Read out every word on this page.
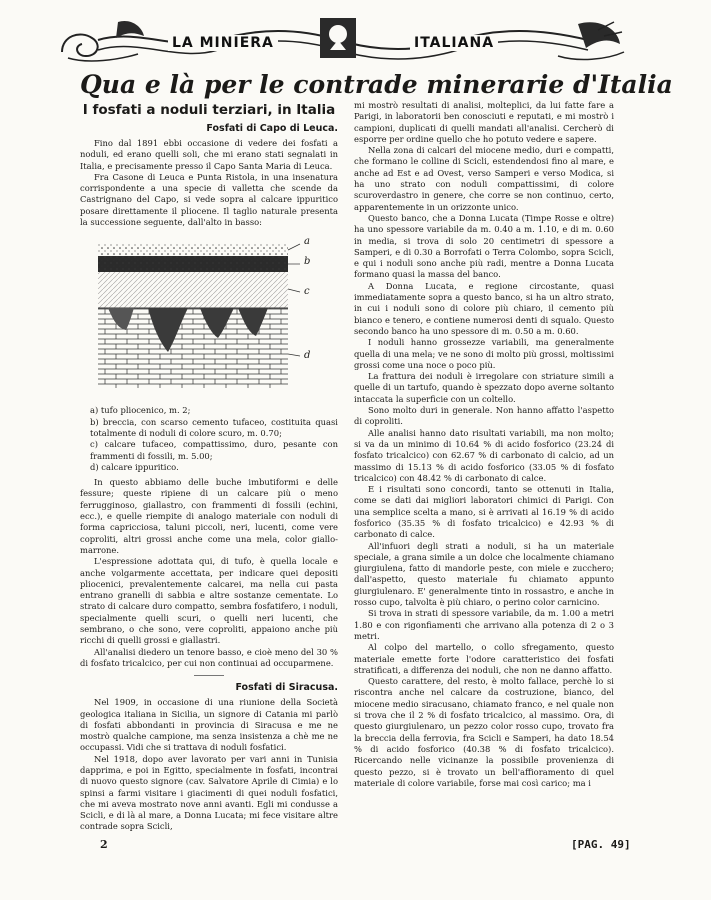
LA MINIERA	ITALIANA
Qua e là per le contrade minerarie d'Italia
I fosfati a noduli terziari, in Italia
Fosfati di Capo di Leuca.

Fino dal 1891 ebbi occasione di vedere dei fosfati a noduli, ed erano quelli soli, che mi erano stati segnalati in Italia, e precisamente presso il Capo Santa Maria di Leuca.

Fra Casone di Leuca e Punta Ristola, in una insenatura corrispondente a una specie di valletta che scende da Castrignano del Capo, si vede sopra al calcare ippuritico posare direttamente il pliocene. Il taglio naturale presenta la successione seguente, dall'alto in basso:

a
b
c
d
a) tufo pliocenico, m. 2;
b) breccia, con scarso cemento tufaceo, costituita quasi totalmente di noduli di colore scuro, m. 0.70;
c) calcare tufaceo, compattissimo, duro, pesante con frammenti di fossili, m. 5.00;
d) calcare ippuritico.

In questo abbiamo delle buche imbutiformi e delle fessure; queste ripiene di un calcare più o meno ferrugginoso, giallastro, con frammenti di fossili (echini, ecc.), e quelle riempite di analogo materiale con noduli di forma capricciosa, taluni piccoli, neri, lucenti, come vere coproliti, altri grossi anche come una mela, color giallo-marrone.

L'espressione adottata qui, di tufo, è quella locale e anche volgarmente accettata, per indicare quei depositi pliocenici, prevalentemente calcarei, ma nella cui pasta entrano granelli di sabbia e altre sostanze cementate. Lo strato di calcare duro compatto, sembra fosfatifero, i noduli, specialmente quelli scuri, o quelli neri lucenti, che sembrano, o che sono, vere coproliti, appaiono anche più ricchi di quelli grossi e giallastri.

All'analisi diedero un tenore basso, e cioè meno del 30 % di fosfato tricalcico, per cui non continuai ad occuparmene.

Fosfati di Siracusa.

Nel 1909, in occasione di una riunione della Società geologica italiana in Sicilia, un signore di Catania mi parlò di fosfati abbondanti in provincia di Siracusa e me ne mostrò qualche campione, ma senza insistenza a chè me ne occupassi. Vidi che si trattava di noduli fosfatici.

Nel 1918, dopo aver lavorato per vari anni in Tunisia dapprima, e poi in Egitto, specialmente in fosfati, incontrai di nuovo questo signore (cav. Salvatore Aprile di Cimia) e lo spinsi a farmi visitare i giacimenti di quei noduli fosfatici, che mi aveva mostrato nove anni avanti. Egli mi condusse a Scicli, e di là al mare, a Donna Lucata; mi fece visitare altre contrade sopra Scicli,

mi mostrò resultati di analisi, molteplici, da lui fatte fare a Parigi, in laboratorii ben conosciuti e reputati, e mi mostrò i campioni, duplicati di quelli mandati all'analisi. Cercherò di esporre per ordine quello che ho potuto vedere e sapere.

Nella zona di calcari del miocene medio, duri e compatti, che formano le colline di Scicli, estendendosi fino al mare, e anche ad Est e ad Ovest, verso Samperi e verso Modica, si ha uno strato con noduli compattissimi, di colore scuroverdastro in genere, che corre se non continuo, certo, apparentemente in un orizzonte unico.

Questo banco, che a Donna Lucata (Timpe Rosse e oltre) ha uno spessore variabile da m. 0.40 a m. 1.10, e di m. 0.60 in media, si trova di solo 20 centimetri di spessore a Samperi, e di 0.30 a Borrofati o Terra Colombo, sopra Scicli, e qui i noduli sono anche più radi, mentre a Donna Lucata formano quasi la massa del banco.

A Donna Lucata, e regione circostante, quasi immediatamente sopra a questo banco, si ha un altro strato, in cui i noduli sono di colore più chiaro, il cemento più bianco e tenero, e contiene numerosi denti di squalo. Questo secondo banco ha uno spessore di m. 0.50 a m. 0.60.

I noduli hanno grossezze variabili, ma generalmente quella di una mela; ve ne sono di molto più grossi, moltissimi grossi come una noce o poco più.

La frattura dei noduli è irregolare con striature simili a quelle di un tartufo, quando è spezzato dopo averne soltanto intaccata la superficie con un coltello.

Sono molto duri in generale. Non hanno affatto l'aspetto di coproliti.

Alle analisi hanno dato risultati variabili, ma non molto; si va da un minimo di 10.64 % di acido fosforico (23.24 di fosfato tricalcico) con 62.67 % di carbonato di calcio, ad un massimo di 15.13 % di acido fosforico (33.05 % di fosfato tricalcico) con 48.42 % di carbonato di calce.

E i risultati sono concordi, tanto se ottenuti in Italia, come se dati dai migliori laboratori chimici di Parigi. Con una semplice scelta a mano, si è arrivati al 16.19 % di acido fosforico (35.35 % di fosfato tricalcico) e 42.93 % di carbonato di calce.

All'infuori degli strati a noduli, si ha un materiale speciale, a grana simile a un dolce che localmente chiamano giurgiulena, fatto di mandorle peste, con miele e zucchero; dall'aspetto, questo materiale fu chiamato appunto giurgiulenaro. E' generalmente tinto in rossastro, e anche in rosso cupo, talvolta è più chiaro, o perino color carnicino.

Si trova in strati di spessore variabile, da m. 1.00 a metri 1.80 e con rigonfiamenti che arrivano alla potenza di 2 o 3 metri.

Al colpo del martello, o collo sfregamento, questo materiale emette forte l'odore caratteristico dei fosfati stratificati, a differenza dei noduli, che non ne danno affatto.

Questo carattere, del resto, è molto fallace, perchè lo si riscontra anche nel calcare da costruzione, bianco, del miocene medio siracusano, chiamato franco, e nel quale non si trova che il 2 % di fosfato tricalcico, al massimo. Ora, di questo giurgiulenaro, un pezzo color rosso cupo, trovato fra la breccia della ferrovia, fra Scicli e Samperi, ha dato 18.54 % di acido fosforico (40.38 % di fosfato tricalcico). Ricercando nelle vicinanze la possibile provenienza di questo pezzo, si è trovato un bell'affioramento di quel materiale di colore variabile, forse mai così carico; ma i

2	[PAG. 49]
